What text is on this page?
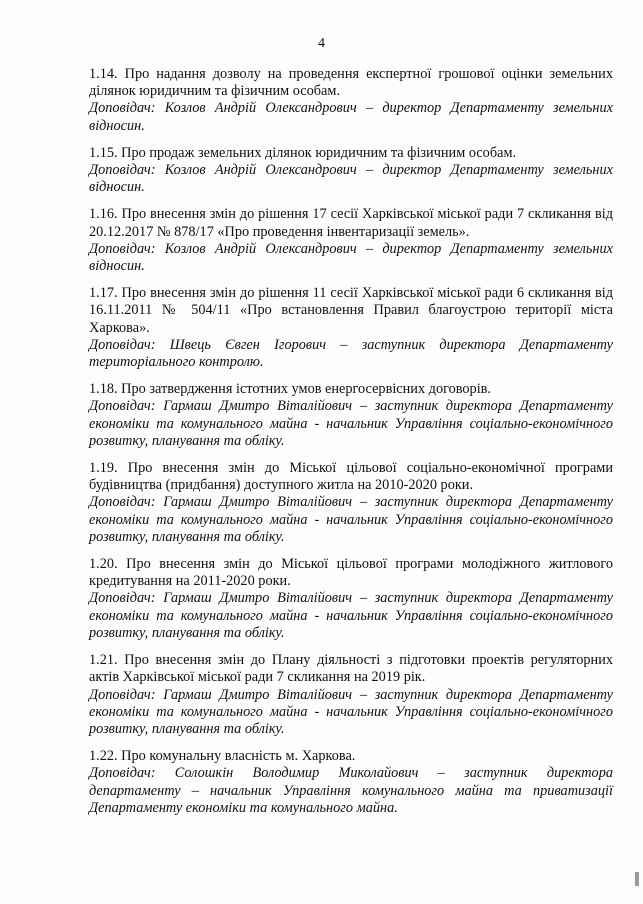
4
1.14. Про надання дозволу на проведення експертної грошової оцінки земельних ділянок юридичним та фізичним особам.
Доповідач: Козлов Андрій Олександрович – директор Департаменту земельних відносин.
1.15. Про продаж земельних ділянок юридичним та фізичним особам.
Доповідач: Козлов Андрій Олександрович – директор Департаменту земельних відносин.
1.16. Про внесення змін до рішення 17 сесії Харківської міської ради 7 скликання від 20.12.2017 № 878/17 «Про проведення інвентаризації земель».
Доповідач: Козлов Андрій Олександрович – директор Департаменту земельних відносин.
1.17. Про внесення змін до рішення 11 сесії Харківської міської ради 6 скликання від 16.11.2011 № 504/11 «Про встановлення Правил благоустрою території міста Харкова».
Доповідач: Швець Євген Ігорович – заступник директора Департаменту територіального контролю.
1.18. Про затвердження істотних умов енергосервісних договорів.
Доповідач: Гармаш Дмитро Віталійович – заступник директора Департаменту економіки та комунального майна - начальник Управління соціально-економічного розвитку, планування та обліку.
1.19. Про внесення змін до Міської цільової соціально-економічної програми будівництва (придбання) доступного житла на 2010-2020 роки.
Доповідач: Гармаш Дмитро Віталійович – заступник директора Департаменту економіки та комунального майна - начальник Управління соціально-економічного розвитку, планування та обліку.
1.20. Про внесення змін до Міської цільової програми молодіжного житлового кредитування на 2011-2020 роки.
Доповідач: Гармаш Дмитро Віталійович – заступник директора Департаменту економіки та комунального майна - начальник Управління соціально-економічного розвитку, планування та обліку.
1.21. Про внесення змін до Плану діяльності з підготовки проектів регуляторних актів Харківської міської ради 7 скликання на 2019 рік.
Доповідач: Гармаш Дмитро Віталійович – заступник директора Департаменту економіки та комунального майна - начальник Управління соціально-економічного розвитку, планування та обліку.
1.22. Про комунальну власність м. Харкова.
Доповідач: Солошкін Володимир Миколайович – заступник директора департаменту – начальник Управління комунального майна та приватизації Департаменту економіки та комунального майна.
